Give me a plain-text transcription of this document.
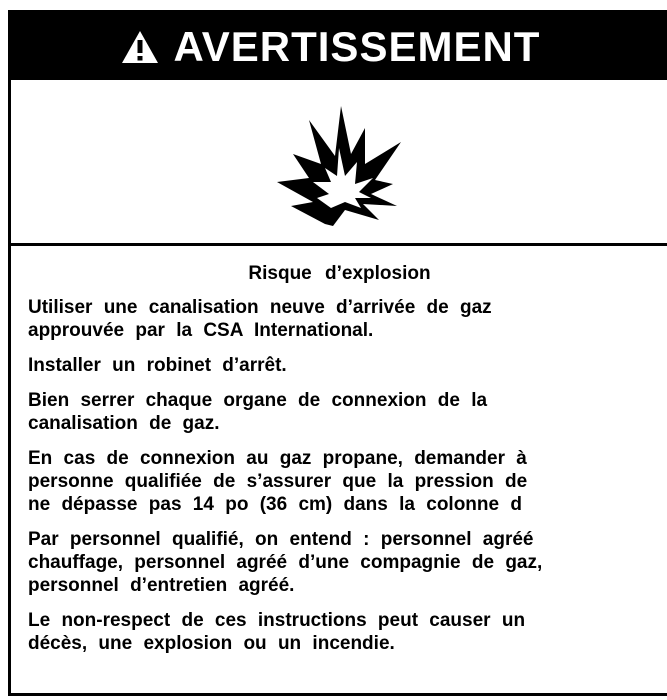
AVERTISSEMENT
Risque d’explosion
Utiliser une canalisation neuve d’arrivée de gaz
approuvée par la CSA International.
Installer un robinet d’arrêt.
Bien serrer chaque organe de connexion de la
canalisation de gaz.
En cas de connexion au gaz propane, demander à
personne qualifiée de s’assurer que la pression de
ne dépasse pas 14 po (36 cm) dans la colonne d
Par personnel qualifié, on entend : personnel agréé
chauffage, personnel agréé d’une compagnie de gaz,
personnel d’entretien agréé.
Le non-respect de ces instructions peut causer un
décès, une explosion ou un incendie.
